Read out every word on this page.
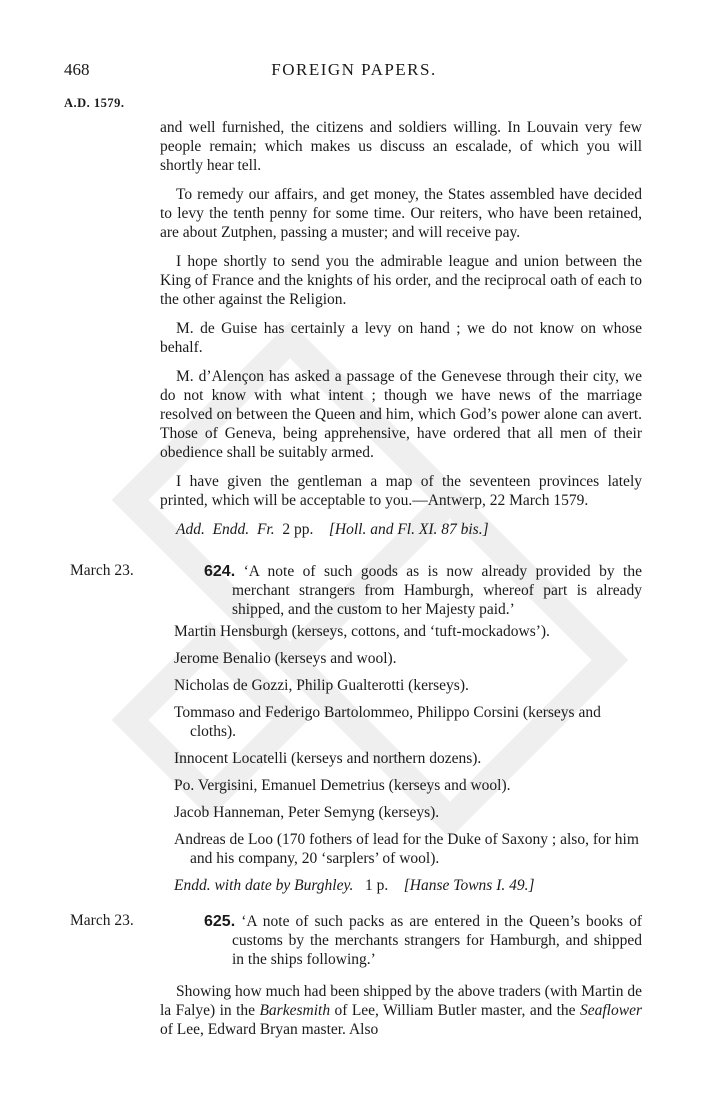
468	FOREIGN PAPERS.
A.D. 1579.

and well furnished, the citizens and soldiers willing. In Louvain very few people remain; which makes us discuss an escalade, of which you will shortly hear tell.

To remedy our affairs, and get money, the States assembled have decided to levy the tenth penny for some time. Our reiters, who have been retained, are about Zutphen, passing a muster; and will receive pay.

I hope shortly to send you the admirable league and union between the King of France and the knights of his order, and the reciprocal oath of each to the other against the Religion.

M. de Guise has certainly a levy on hand ; we do not know on whose behalf.

M. d’Alençon has asked a passage of the Genevese through their city, we do not know with what intent ; though we have news of the marriage resolved on between the Queen and him, which God’s power alone can avert. Those of Geneva, being apprehensive, have ordered that all men of their obedience shall be suitably armed.

I have given the gentleman a map of the seventeen provinces lately printed, which will be acceptable to you.—Antwerp, 22 March 1579.

Add. Endd. Fr. 2 pp. [Holl. and Fl. XI. 87 bis.]

March 23.	624. ‘A note of such goods as is now already provided by the merchant strangers from Hamburgh, whereof part is already shipped, and the custom to her Majesty paid.’

Martin Hensburgh (kerseys, cottons, and ‘tuft-mockadows’).

Jerome Benalio (kerseys and wool).

Nicholas de Gozzi, Philip Gualterotti (kerseys).

Tommaso and Federigo Bartolommeo, Philippo Corsini (kerseys and cloths).

Innocent Locatelli (kerseys and northern dozens).

Po. Vergisini, Emanuel Demetrius (kerseys and wool).

Jacob Hanneman, Peter Semyng (kerseys).

Andreas de Loo (170 fothers of lead for the Duke of Saxony ; also, for him and his company, 20 ‘sarplers’ of wool).

Endd. with date by Burghley. 1 p. [Hanse Towns I. 49.]

March 23.	625. ‘A note of such packs as are entered in the Queen’s books of customs by the merchants strangers for Hamburgh, and shipped in the ships following.’

Showing how much had been shipped by the above traders (with Martin de la Falye) in the Barkesmith of Lee, William Butler master, and the Seaflower of Lee, Edward Bryan master. Also
